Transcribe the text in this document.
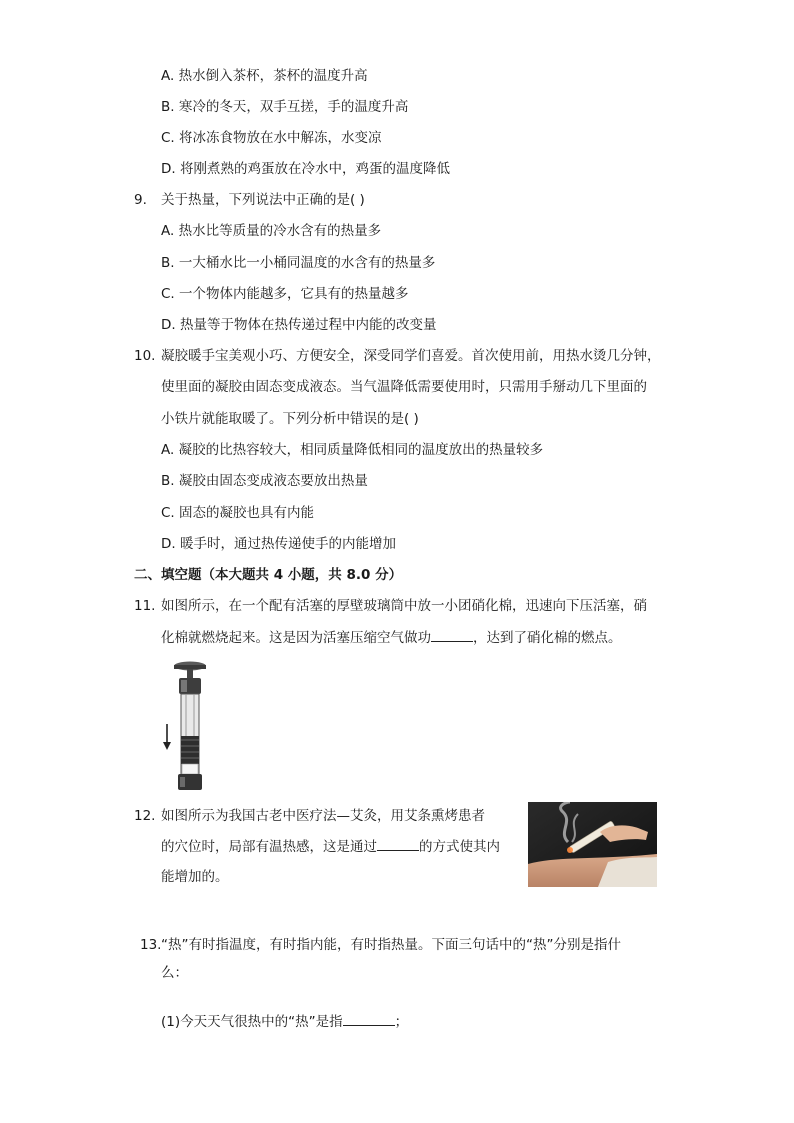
A. 热水倒入茶杯，茶杯的温度升高
B. 寒冷的冬天，双手互搓，手的温度升高
C. 将冰冻食物放在水中解冻，水变凉
D. 将刚煮熟的鸡蛋放在冷水中，鸡蛋的温度降低
9. 关于热量，下列说法中正确的是( )
A. 热水比等质量的冷水含有的热量多
B. 一大桶水比一小桶同温度的水含有的热量多
C. 一个物体内能越多，它具有的热量越多
D. 热量等于物体在热传递过程中内能的改变量
10. 凝胶暖手宝美观小巧、方便安全，深受同学们喜爱。首次使用前，用热水烫几分钟，
使里面的凝胶由固态变成液态。当气温降低需要使用时，只需用手掰动几下里面的
小铁片就能取暖了。下列分析中错误的是( )
A. 凝胶的比热容较大，相同质量降低相同的温度放出的热量较多
B. 凝胶由固态变成液态要放出热量
C. 固态的凝胶也具有内能
D. 暖手时，通过热传递使手的内能增加
二、填空题（本大题共 4 小题，共 8.0 分）
11. 如图所示，在一个配有活塞的厚壁玻璃筒中放一小团硝化棉，迅速向下压活塞，硝
化棉就燃烧起来。这是因为活塞压缩空气做功	，达到了硝化棉的燃点。
12. 如图所示为我国古老中医疗法—艾灸，用艾条熏烤患者
的穴位时，局部有温热感，这是通过	的方式使其内
能增加的。
13. “热”有时指温度，有时指内能，有时指热量。下面三句话中的“热”分别是指什
么：
(1)今天天气很热中的“热”是指	；
